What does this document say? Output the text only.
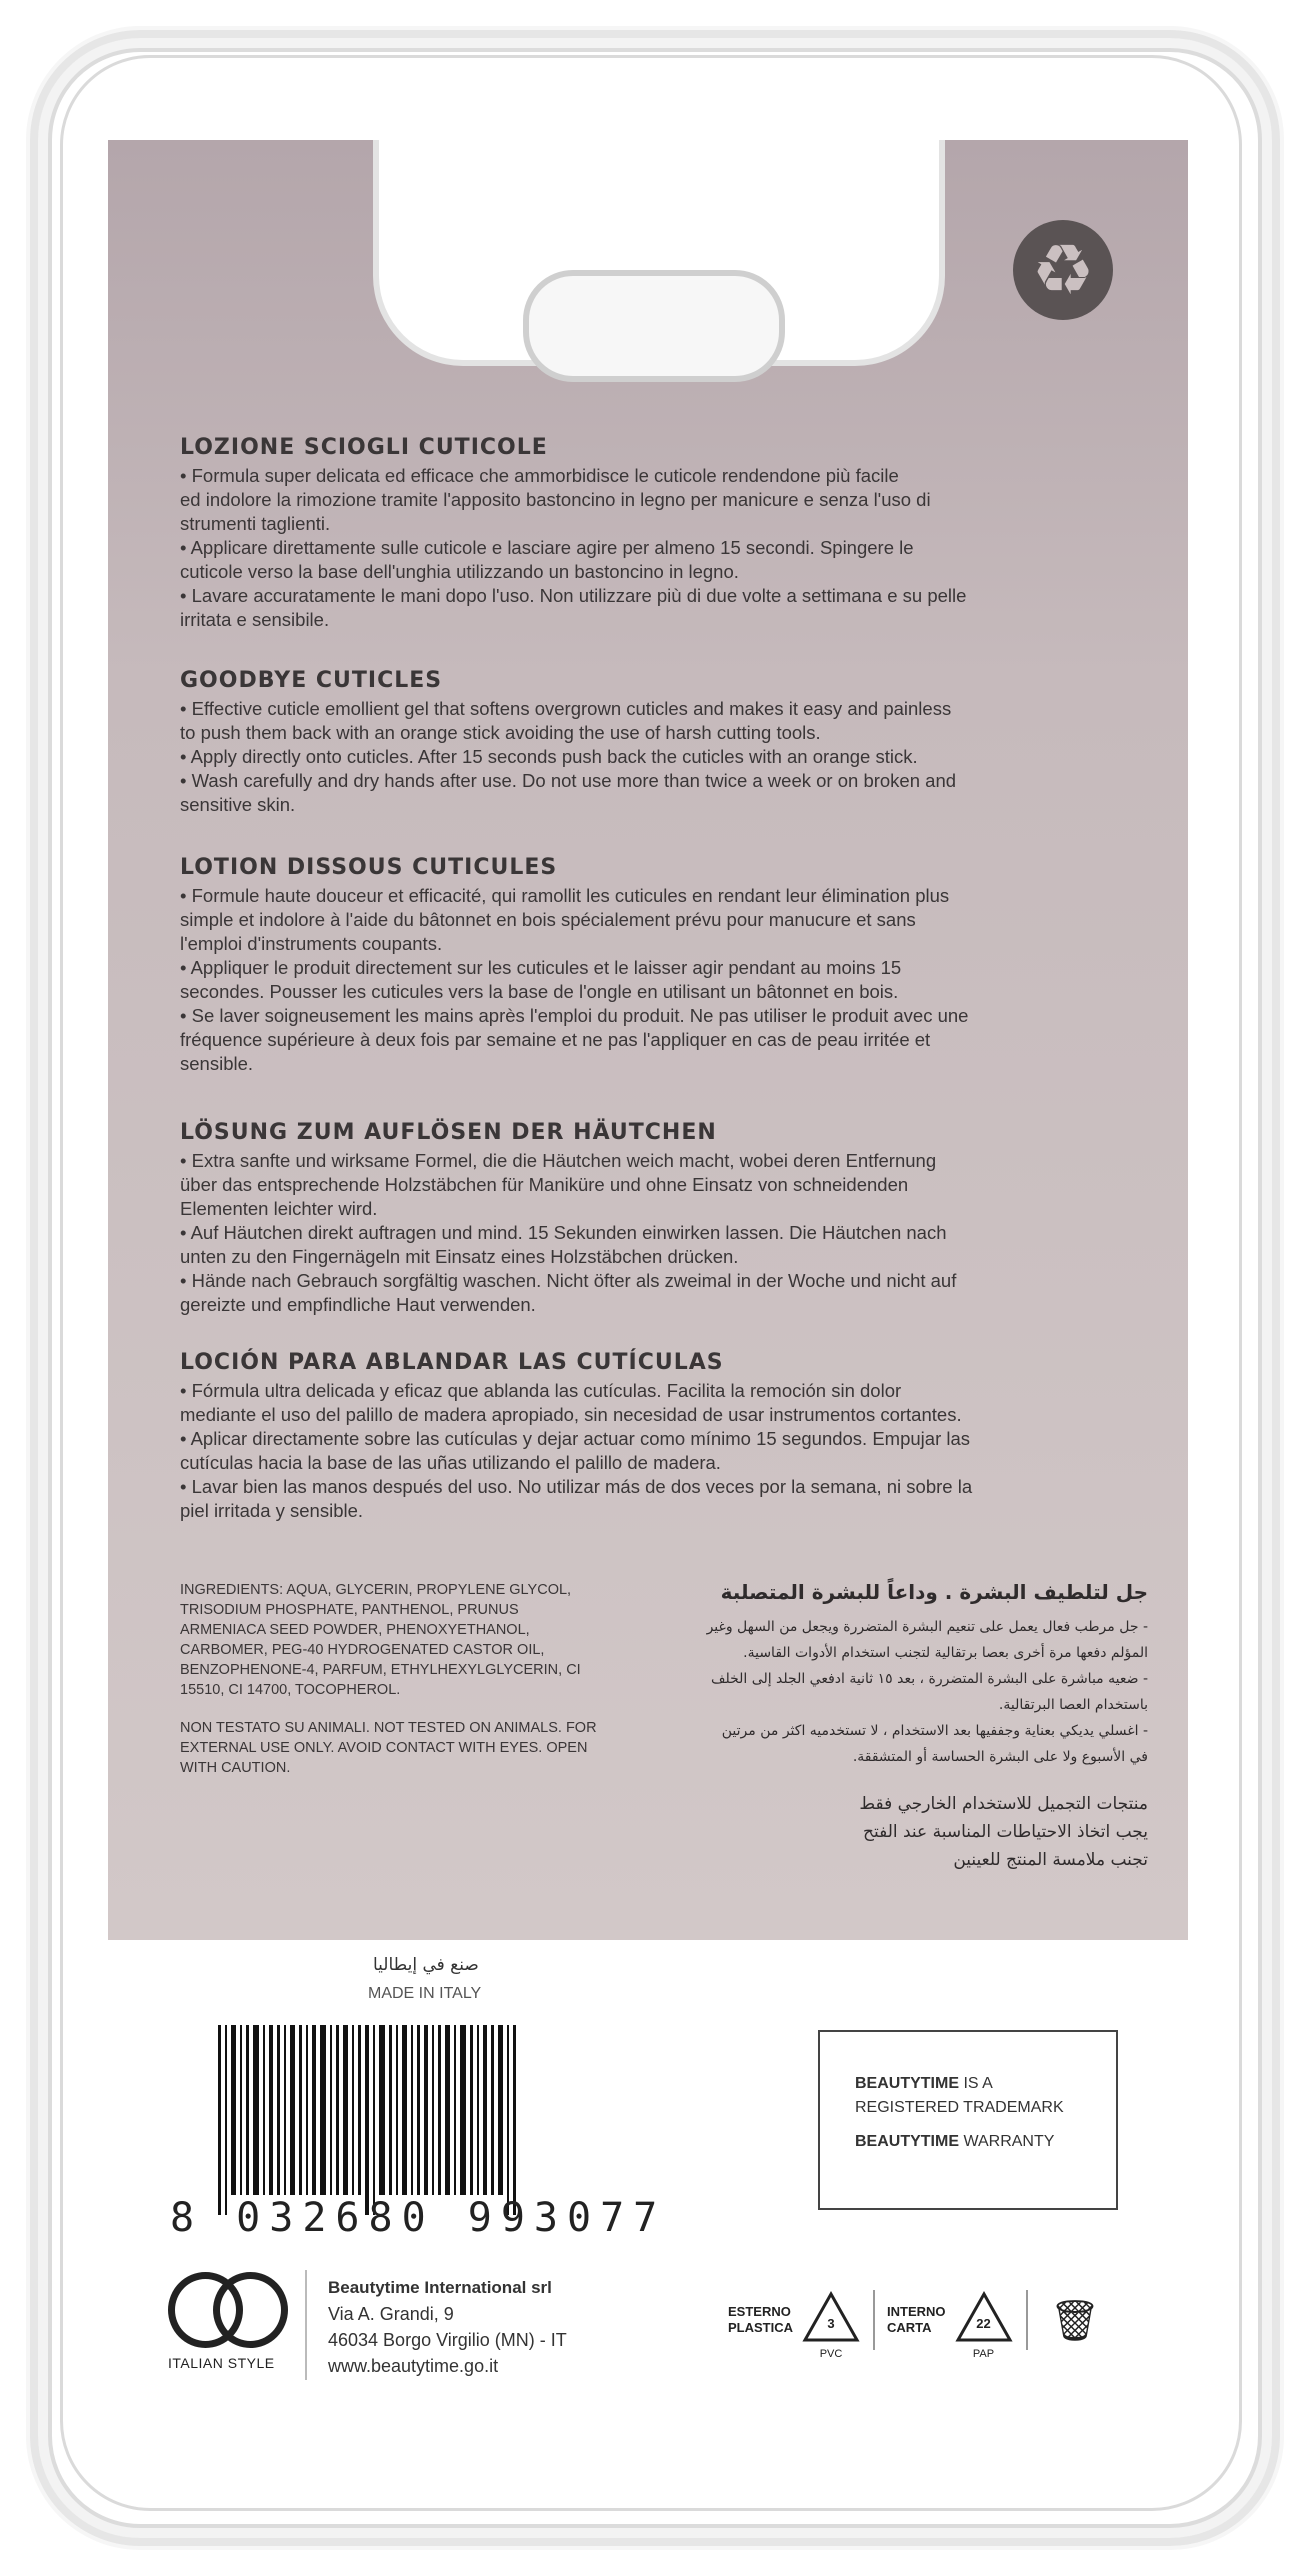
♻
LOZIONE SCIOGLI CUTICOLE
• Formula super delicata ed efficace che ammorbidisce le cuticole rendendone più facile
ed indolore la rimozione tramite l'apposito bastoncino in legno per manicure e senza l'uso di
strumenti taglienti.
• Applicare direttamente sulle cuticole e lasciare agire per almeno 15 secondi. Spingere le
cuticole verso la base dell'unghia utilizzando un bastoncino in legno.
• Lavare accuratamente le mani dopo l'uso. Non utilizzare più di due volte a settimana e su pelle
irritata e sensibile.
GOODBYE CUTICLES
• Effective cuticle emollient gel that softens overgrown cuticles and makes it easy and painless
to push them back with an orange stick avoiding the use of harsh cutting tools.
• Apply directly onto cuticles. After 15 seconds push back the cuticles with an orange stick.
• Wash carefully and dry hands after use. Do not use more than twice a week or on broken and
sensitive skin.
LOTION DISSOUS CUTICULES
• Formule haute douceur et efficacité, qui ramollit les cuticules en rendant leur élimination plus
simple et indolore à l'aide du bâtonnet en bois spécialement prévu pour manucure et sans
l'emploi d'instruments coupants.
• Appliquer le produit directement sur les cuticules et le laisser agir pendant au moins 15
secondes. Pousser les cuticules vers la base de l'ongle en utilisant un bâtonnet en bois.
• Se laver soigneusement les mains après l'emploi du produit. Ne pas utiliser le produit avec une
fréquence supérieure à deux fois par semaine et ne pas l'appliquer en cas de peau irritée et
sensible.
LÖSUNG ZUM AUFLÖSEN DER HÄUTCHEN
• Extra sanfte und wirksame Formel, die die Häutchen weich macht, wobei deren Entfernung
über das entsprechende Holzstäbchen für Maniküre und ohne Einsatz von schneidenden
Elementen leichter wird.
• Auf Häutchen direkt auftragen und mind. 15 Sekunden einwirken lassen. Die Häutchen nach
unten zu den Fingernägeln mit Einsatz eines Holzstäbchen drücken.
• Hände nach Gebrauch sorgfältig waschen. Nicht öfter als zweimal in der Woche und nicht auf
gereizte und empfindliche Haut verwenden.
LOCIÓN PARA ABLANDAR LAS CUTÍCULAS
• Fórmula ultra delicada y eficaz que ablanda las cutículas. Facilita la remoción sin dolor
mediante el uso del palillo de madera apropiado, sin necesidad de usar instrumentos cortantes.
• Aplicar directamente sobre las cutículas y dejar actuar como mínimo 15 segundos. Empujar las
cutículas hacia la base de las uñas utilizando el palillo de madera.
• Lavar bien las manos después del uso. No utilizar más de dos veces por la semana, ni sobre la
piel irritada y sensible.
INGREDIENTS: AQUA, GLYCERIN, PROPYLENE GLYCOL, TRISODIUM PHOSPHATE, PANTHENOL, PRUNUS ARMENIACA SEED POWDER, PHENOXYETHANOL, CARBOMER, PEG-40 HYDROGENATED CASTOR OIL, BENZOPHENONE-4, PARFUM, ETHYLHEXYLGLYCERIN, CI 15510, CI 14700, TOCOPHEROL.
NON TESTATO SU ANIMALI. NOT TESTED ON ANIMALS. FOR EXTERNAL USE ONLY. AVOID CONTACT WITH EYES. OPEN WITH CAUTION.
جل لتلطيف البشرة . وداعاً للبشرة المتصلبة
- جل مرطب فعال يعمل على تنعيم البشرة المتضررة ويجعل من السهل وغير
المؤلم دفعها مرة أخرى بعصا برتقالية لتجنب استخدام الأدوات القاسية.
- ضعيه مباشرة على البشرة المتضررة ، بعد ١٥ ثانية ادفعي الجلد إلى الخلف
باستخدام العصا البرتقالية.
- اغسلي يديكي بعناية وجففيها بعد الاستخدام ، لا تستخدميه اكثر من مرتين
في الأسبوع ولا على البشرة الحساسة أو المتشققة.
منتجات التجميل للاستخدام الخارجي فقط
يجب اتخاذ الاحتياطات المناسبة عند الفتح
تجنب ملامسة المنتج للعينين
صنع في إيطاليا
MADE IN ITALY
8 032680 993077
BEAUTYTIME IS A
REGISTERED TRADEMARK
BEAUTYTIME WARRANTY
ITALIAN STYLE
Beautytime International srl
Via A. Grandi, 9
46034 Borgo Virgilio (MN) - IT
www.beautytime.go.it
ESTERNO
PLASTICA	3
PVC
INTERNO
CARTA	22
PAP
🗑
